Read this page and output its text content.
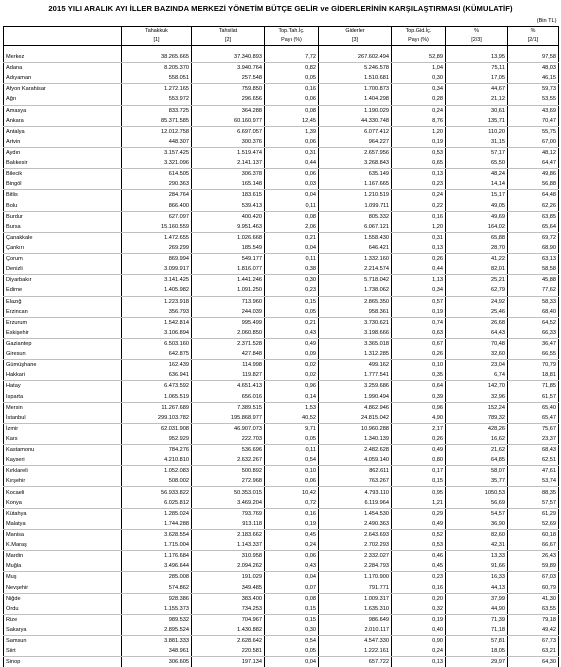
2015 YILI ARALIK AYI İLLER BAZINDA MERKEZİ YÖNETİM BÜTÇE GELİR ve GİDERLERİNİN KARŞILAŞTIRMASI (KÜMULATİF)
							(Bin TL)
	Tahakkuk	Tahsilat	Top.Tah.İç.	Giderler	Top.Gid.İç.	%	%
	[1]	[2]	Payı (%)	[3]	Payı (%)	[2/3]	[2/1]

Merkez	38.265.665	37.340.893	7,72	267.602.494	52,89	13,95	97,58
Adana	8.205.370	3.940.764	0,82	5.246.578	1,04	75,11	48,03
Adıyaman	558.051	257.548	0,05	1.510.681	0,30	17,05	46,15
Afyon Karahisar	1.272.165	759.850	0,16	1.700.873	0,34	44,67	59,73
Ağrı	553.972	296.656	0,06	1.404.298	0,28	21,12	53,55
Amasya	833.725	364.288	0,08	1.190.029	0,24	30,61	43,69
Ankara	85.371.585	60.160.977	12,45	44.330.748	8,76	135,71	70,47
Antalya	12.012.758	6.697.057	1,39	6.077.412	1,20	110,20	55,75
Artvin	448.307	300.376	0,06	964.227	0,19	31,15	67,00
Aydın	3.157.425	1.519.474	0,31	2.657.956	0,53	57,17	48,12
Balıkesir	3.321.096	2.141.137	0,44	3.268.843	0,65	65,50	64,47
Bilecik	614.505	306.378	0,06	635.149	0,13	48,24	49,86
Bingöl	290.363	165.148	0,03	1.167.665	0,23	14,14	56,88
Bitlis	284.764	183.615	0,04	1.210.519	0,24	15,17	64,48
Bolu	866.400	539.413	0,11	1.099.711	0,22	49,05	62,26
Burdur	627.097	400.420	0,08	805.332	0,16	49,69	63,85
Bursa	15.160.559	9.951.463	2,06	6.067.121	1,20	164,02	65,64
Çanakkale	1.472.655	1.026.668	0,21	1.558.430	0,31	65,88	69,72
Çankırı	269.299	185.549	0,04	646.421	0,13	28,70	68,90
Çorum	869.994	549.177	0,11	1.332.160	0,26	41,22	63,13
Denizli	3.099.917	1.816.077	0,38	2.214.574	0,44	82,01	58,58
Diyarbakır	3.141.425	1.441.246	0,30	5.718.042	1,13	25,21	45,88
Edirne	1.405.982	1.091.250	0,23	1.738.062	0,34	62,79	77,62
Elazığ	1.223.918	713.960	0,15	2.865.350	0,57	24,92	58,33
Erzincan	356.793	244.039	0,05	958.361	0,19	25,46	68,40
Erzurum	1.542.814	995.499	0,21	3.730.621	0,74	26,68	64,52
Eskişehir	3.106.894	2.060.850	0,43	3.198.666	0,63	64,43	66,33
Gaziantep	6.503.160	2.371.528	0,49	3.365.018	0,67	70,48	36,47
Giresun	642.875	427.848	0,09	1.312.285	0,26	32,60	66,55
Gümüşhane	162.439	114.998	0,02	499.162	0,10	23,04	70,79
Hakkari	636.941	119.827	0,02	1.777.541	0,35	6,74	18,81
Hatay	6.473.592	4.651.413	0,96	3.259.686	0,64	142,70	71,85
Isparta	1.065.519	656.016	0,14	1.990.494	0,39	32,96	61,57
Mersin	11.267.689	7.389.515	1,53	4.862.946	0,96	152,24	65,40
İstanbul	299.103.782	195.868.977	40,52	24.815.042	4,90	789,32	65,47
İzmir	62.031.908	46.907.073	9,71	10.960.288	2,17	428,26	75,67
Kars	952.929	222.703	0,05	1.340.139	0,26	16,62	23,37
Kastamonu	784.276	536.696	0,11	2.482.628	0,49	21,62	68,43
Kayseri	4.210.810	2.632.267	0,54	4.059.140	0,80	64,85	62,51
Kırklareli	1.052.083	500.892	0,10	862.611	0,17	58,07	47,61
Kırşehir	508.002	272.968	0,06	763.267	0,15	35,77	53,74
Kocaeli	56.933.822	50.353.015	10,42	4.793.110	0,95	1050,53	88,35
Konya	6.025.812	3.469.204	0,72	6.119.964	1,21	56,69	57,57
Kütahya	1.285.024	793.769	0,16	1.454.530	0,29	54,57	61,29
Malatya	1.744.288	913.118	0,19	2.490.363	0,49	36,90	52,69
Manisa	3.628.554	2.183.662	0,45	2.643.693	0,52	82,60	60,18
K.Maraş	1.715.004	1.143.337	0,24	2.702.293	0,53	42,31	66,67
Mardin	1.176.684	310.958	0,06	2.332.027	0,46	13,33	26,43
Muğla	3.496.644	2.094.262	0,43	2.284.793	0,45	91,66	59,89
Muş	285.008	191.029	0,04	1.170.900	0,23	16,33	67,03
Nevşehir	574.862	349.485	0,07	791.771	0,16	44,13	60,79
Niğde	928.386	383.400	0,08	1.009.317	0,20	37,99	41,30
Ordu	1.155.373	734.253	0,15	1.635.310	0,32	44,90	63,55
Rize	989.532	704.967	0,15	986.649	0,19	71,39	79,18
Sakarya	2.895.524	1.430.882	0,30	2.010.117	0,40	71,18	49,42
Samsun	3.881.333	2.628.642	0,54	4.547.330	0,90	57,81	67,73
Siirt	348.961	220.581	0,05	1.222.161	0,24	18,05	63,21
Sinop	306.605	197.134	0,04	657.722	0,13	29,97	64,30
